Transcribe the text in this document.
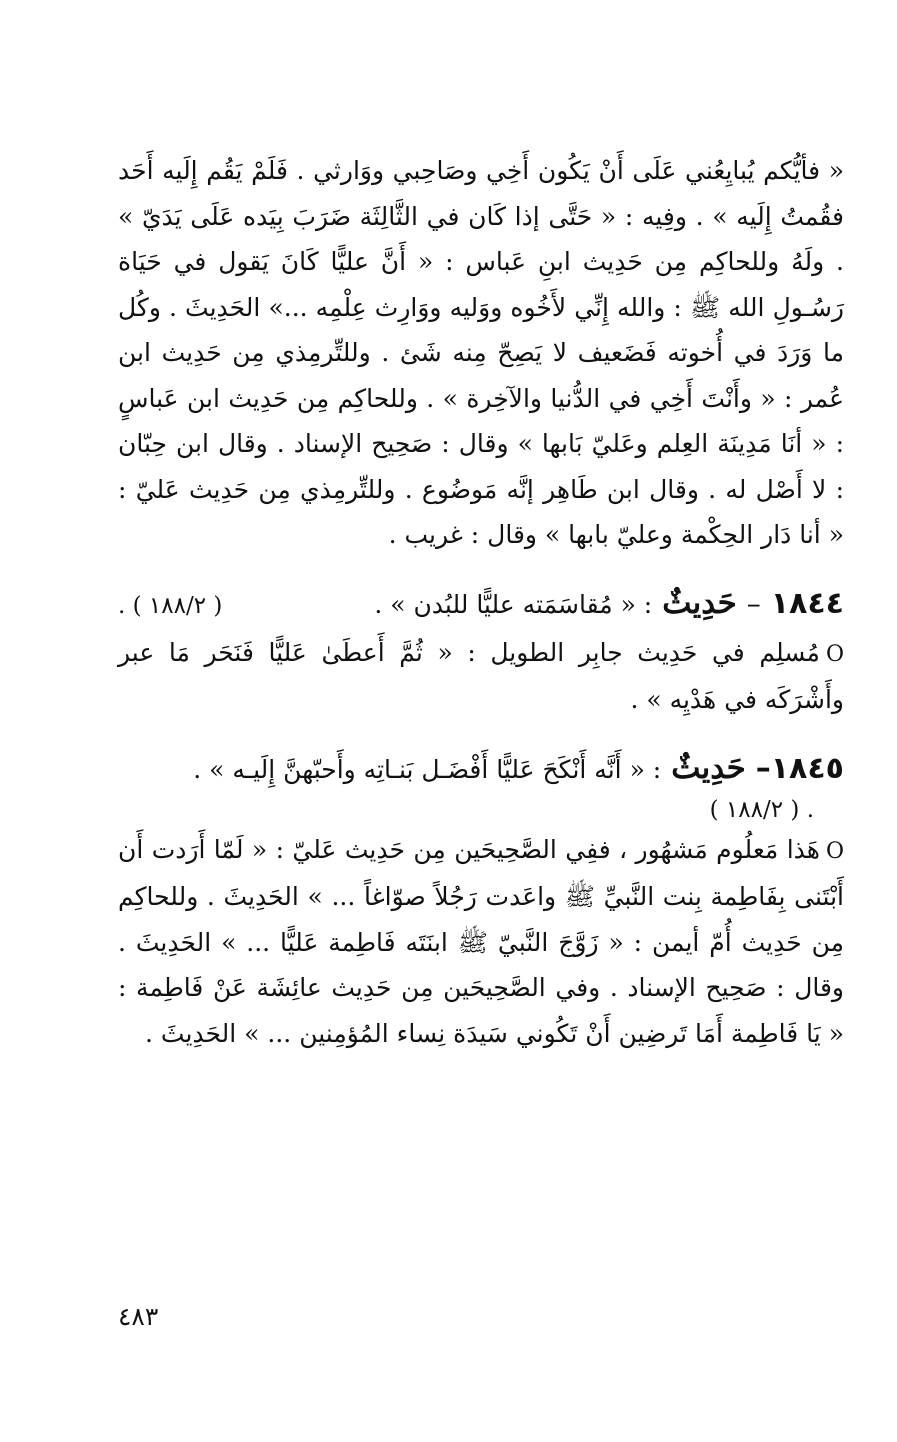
« فأيُّكم يُبايِعُني عَلَى أَنْ يَكُون أَخِي وصَاحِبي ووَارثي . فَلَمْ يَقُم إِلَيه أَحَد فقُمتُ إِلَيه » . وفِيه : « حَتَّى إذا كَان في الثَّالِثَة ضَرَبَ بِيَده عَلَى يَدَيّ » . ولَهُ وللحاكِم مِن حَدِيث ابنِ عَباس : « أَنَّ عليًّا كَانَ يَقول في حَيَاة رَسُـولِ الله ﷺ : والله إِنِّي لأَخُوه ووَليه ووَارِث عِلْمِه ...» الحَدِيثَ . وكُل ما وَرَدَ في أُخوته فَضَعيف لا يَصِحّ مِنه شَئ . وللتِّرمِذي مِن حَدِيث ابن عُمر : « وأَنْتَ أَخِي في الدُّنيا والآخِرة » . وللحاكِم مِن حَدِيث ابن عَباسٍ : « أنَا مَدِينَة العِلم وعَليّ بَابها » وقال : صَحِيح الإسناد . وقال ابن حِبّان : لا أَصْل له . وقال ابن طَاهِر إنَّه مَوضُوع . وللتِّرمِذي مِن حَدِيث عَليّ : « أنا دَار الحِكْمة وعليّ بابها » وقال : غريب .

١٨٤٤
–
حَدِيثٌ
: « مُقاسَمَته عليًّا للبُدن » .
( ١٨٨/٢ ) .

Oمُسلِم في حَدِيث جابِر الطويل : « ثُمَّ أَعطَىٰ عَليًّا فَنَحَر مَا عبر وأَشْرَكَه في هَدْيِه » .

١٨٤٥–
حَدِيثٌ
: « أَنَّه أَنْكَحَ عَليًّا أَفْضَـل بَنـاتِه وأَحبّهنَّ إِلَيـه » .

. ( ١٨٨/٢ )

Oهَذا مَعلُوم مَشهُور ، ففِي الصَّحِيحَين مِن حَدِيث عَليّ : « لَمّا أَرَدت أَن أَبْتَنى بِفَاطِمة بِنت النَّبيِّ ﷺ واعَدت رَجُلاً صوّاغاً ... » الحَدِيثَ . وللحاكِم مِن حَدِيث أُمّ أيمن : « زَوَّجَ النَّبيّ ﷺ ابنَتَه فَاطِمة عَليًّا ... » الحَدِيثَ . وقال : صَحِيح الإسناد . وفي الصَّحِيحَين مِن حَدِيث عائِشَة عَنْ فَاطِمة : « يَا فَاطِمة أَمَا تَرضِين أَنْ تَكُوني سَيدَة نِساء المُؤمِنين ... » الحَدِيثَ .

٤٨٣
